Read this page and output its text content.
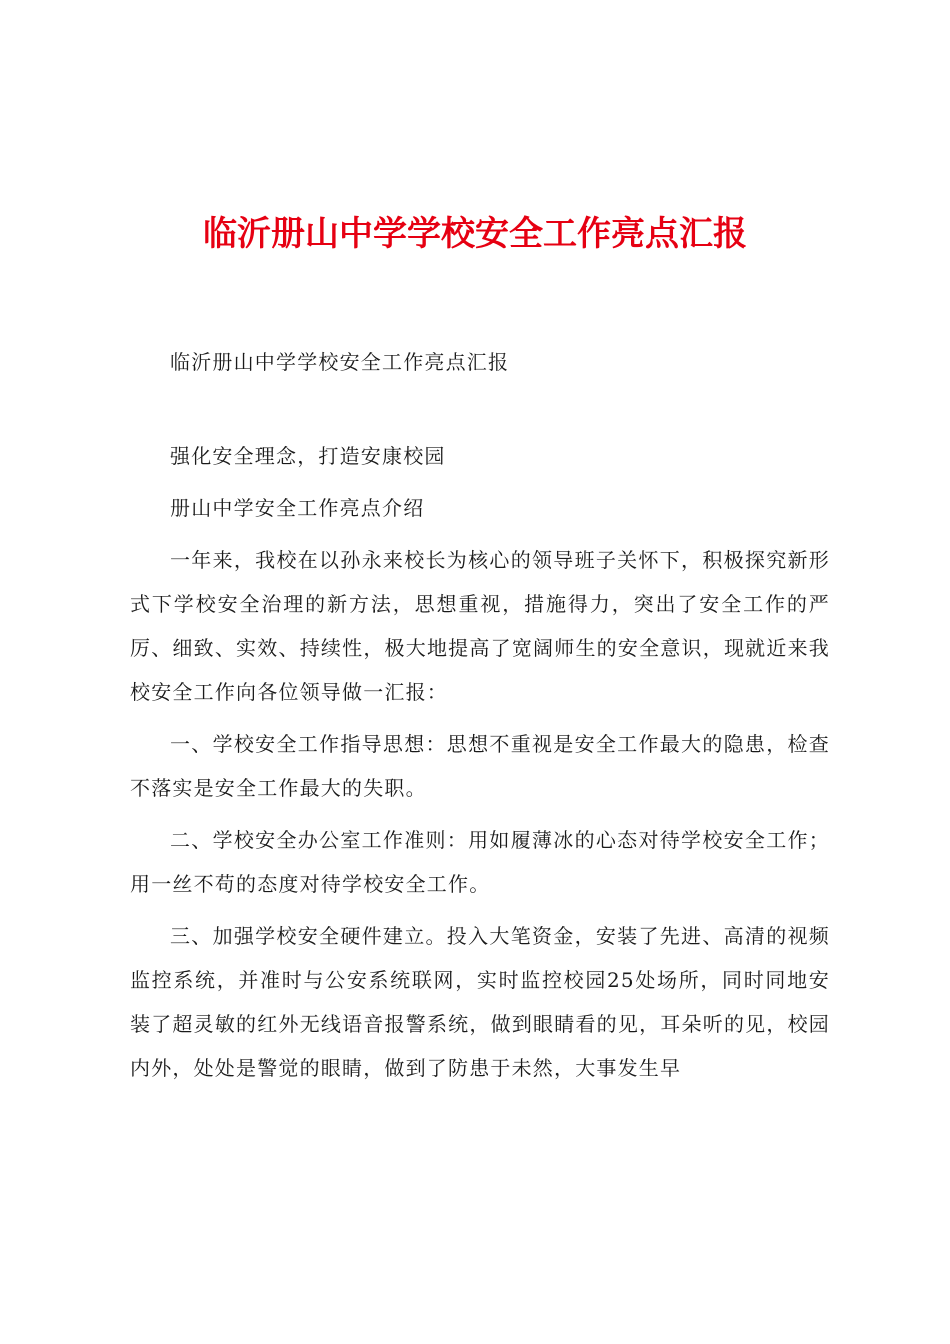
临沂册山中学学校安全工作亮点汇报

临沂册山中学学校安全工作亮点汇报

强化安全理念，打造安康校园

册山中学安全工作亮点介绍

一年来，我校在以孙永来校长为核心的领导班子关怀下，积极探究新形式下学校安全治理的新方法，思想重视，措施得力，突出了安全工作的严厉、细致、实效、持续性，极大地提高了宽阔师生的安全意识，现就近来我校安全工作向各位领导做一汇报：

一、学校安全工作指导思想：思想不重视是安全工作最大的隐患，检查不落实是安全工作最大的失职。

二、学校安全办公室工作准则：用如履薄冰的心态对待学校安全工作；用一丝不苟的态度对待学校安全工作。

三、加强学校安全硬件建立。投入大笔资金，安装了先进、高清的视频监控系统，并准时与公安系统联网，实时监控校园25处场所，同时同地安装了超灵敏的红外无线语音报警系统，做到眼睛看的见，耳朵听的见，校园内外，处处是警觉的眼睛，做到了防患于未然，大事发生早
